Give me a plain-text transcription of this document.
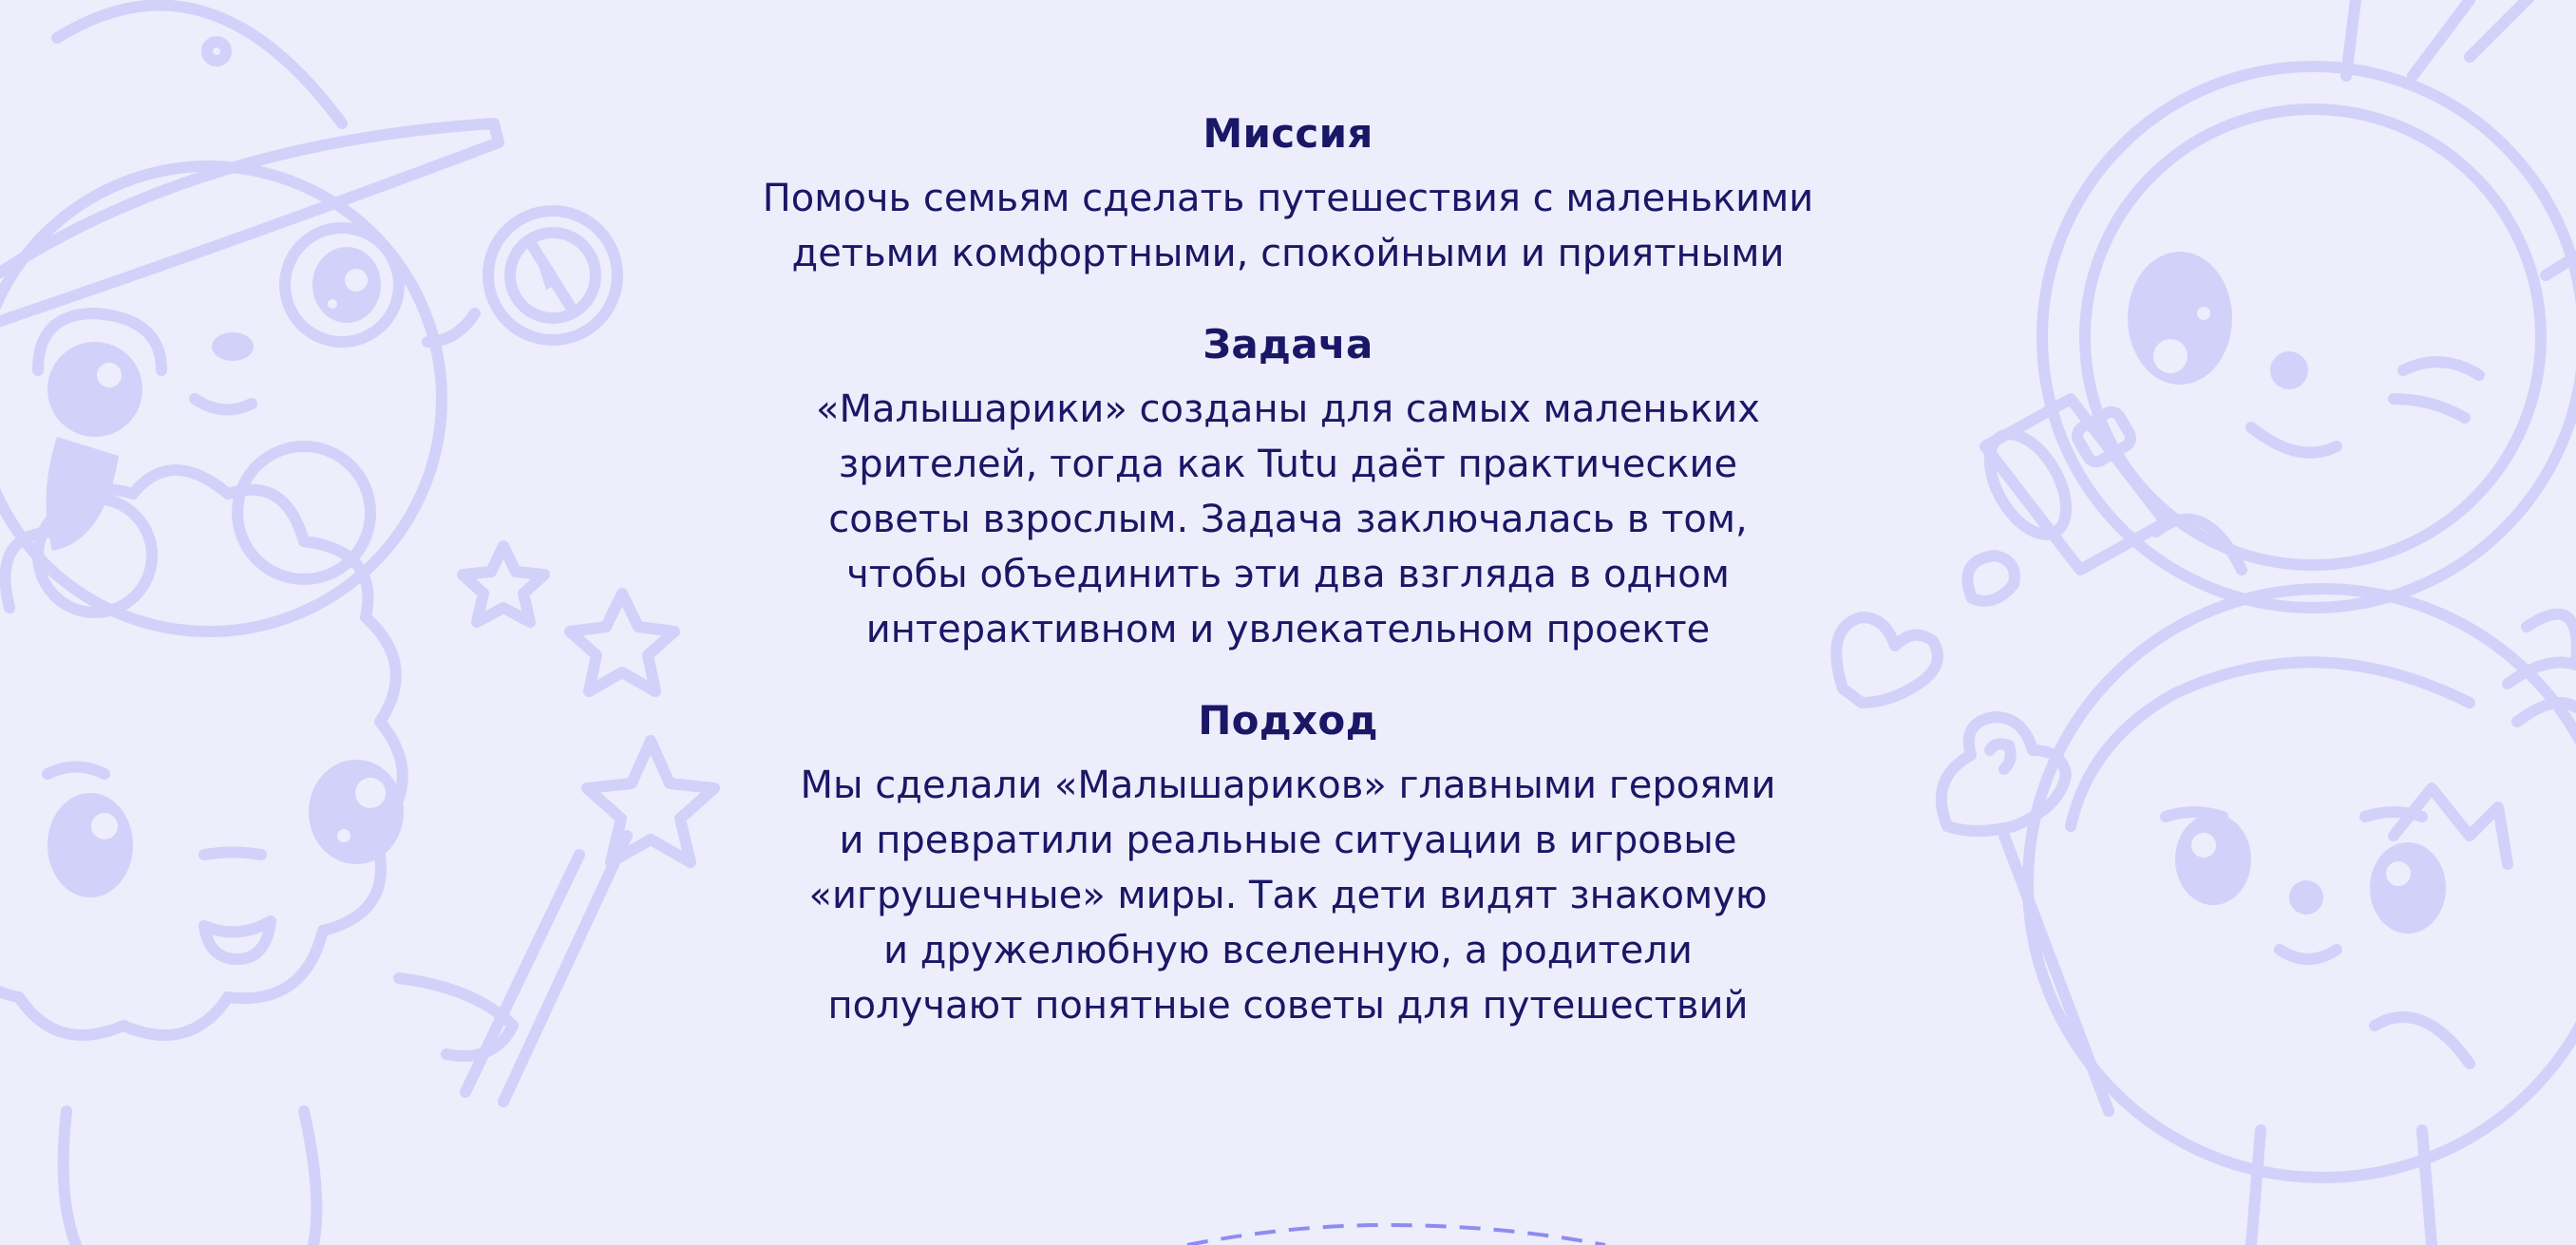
Миссия

Помочь семьям сделать путешествия с маленькими
детьми комфортными, спокойными и приятными

Задача

«Малышарики» созданы для самых маленьких
зрителей, тогда как Tutu даёт практические
советы взрослым. Задача заключалась в том,
чтобы объединить эти два взгляда в одном
интерактивном и увлекательном проекте

Подход

Мы сделали «Малышариков» главными героями
и превратили реальные ситуации в игровые
«игрушечные» миры. Так дети видят знакомую
и дружелюбную вселенную, а родители
получают понятные советы для путешествий
